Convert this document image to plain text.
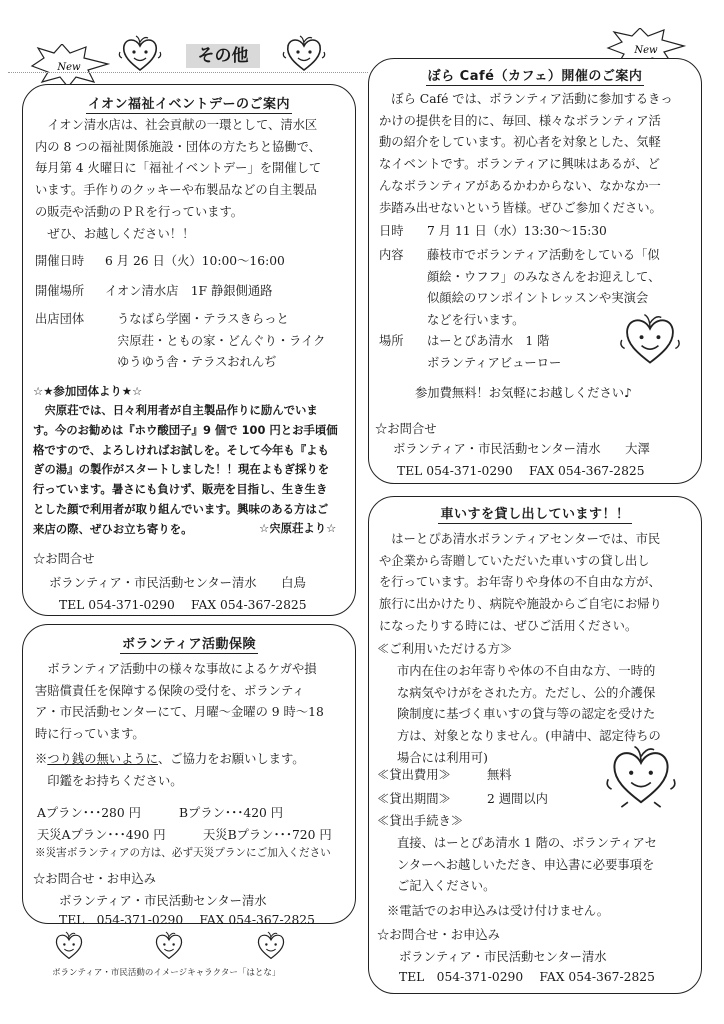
New
その他	New
イオン福祉イベントデーのご案内
　イオン清水店は、社会貢献の一環として、清水区
内の 8 つの福祉関係施設・団体の方たちと協働で、
毎月第 4 火曜日に「福祉イベントデー」を開催して
います。手作りのクッキーや布製品などの自主製品
の販売や活動のＰＲを行っています。
　ぜひ、お越しください！！
開催日時 6 月 26 日（火）10:00〜16:00
開催場所 イオン清水店　1F 静銀側通路
出店団体	うなばら学園・テラスきらっと
宍原荘・ともの家・どんぐり・ライク
ゆうゆう舎・テラスおれんぢ
☆★参加団体より★☆
　宍原荘では、日々利用者が自主製品作りに励んでいま
す。今のお勧めは『ホウ酸団子』9 個で 100 円とお手頃価
格ですので、よろしければお試しを。そして今年も『よも
ぎの湯』の製作がスタートしました！！現在よもぎ採りを
行っています。暑さにも負けず、販売を目指し、生き生き
とした顔で利用者が取り組んでいます。興味のある方はご
来店の際、ぜひお立ち寄りを。	☆宍原荘より☆
☆お問合せ
ボランティア・市民活動センター清水　　白鳥
TEL 054-371-0290　 FAX 054-367-2825
ボランティア活動保険
　ボランティア活動中の様々な事故によるケガや損
害賠償責任を保障する保険の受付を、ボランティ
ア・市民活動センターにて、月曜〜金曜の 9 時〜18
時に行っています。
※つり銭の無いように、ご協力をお願いします。
　印鑑をお持ちください。
Aプラン･･･280 円	Bプラン･･･420 円
天災Aプラン･･･490 円	天災Bプラン･･･720 円
※災害ボランティアの方は、必ず天災プランにご加入ください
☆お問合せ・お申込み
ボランティア・市民活動センター清水
TEL　054-371-0290　 FAX 054-367-2825
ボランティア・市民活動のイメージキャラクター「はとな」
ぼら Café（カフェ）開催のご案内
　ぼら Café では、ボランティア活動に参加するきっ
かけの提供を目的に、毎回、様々なボランティア活
動の紹介をしています。初心者を対象とした、気軽
なイベントです。ボランティアに興味はあるが、ど
んなボランティアがあるかわからない、なかなか一
歩踏み出せないという皆様。ぜひご参加ください。
日時 7 月 11 日（水）13:30〜15:30
内容 藤枝市でボランティア活動をしている「似
顔絵・ウフフ」のみなさんをお迎えして、
似顔絵のワンポイントレッスンや実演会
などを行います。
場所 はーとぴあ清水　1 階
ボランティアビューロー
参加費無料！お気軽にお越しください♪
☆お問合せ
ボランティア・市民活動センター清水　　大澤
TEL 054-371-0290　 FAX 054-367-2825
車いすを貸し出しています！！
　はーとぴあ清水ボランティアセンターでは、市民
や企業から寄贈していただいた車いすの貸し出し
を行っています。お年寄りや身体の不自由な方が、
旅行に出かけたり、病院や施設からご自宅にお帰り
になったりする時には、ぜひご活用ください。
≪ご利用いただける方≫
市内在住のお年寄りや体の不自由な方、一時的
な病気やけがをされた方。ただし、公的介護保
険制度に基づく車いすの貸与等の認定を受けた
方は、対象となりません。(申請中、認定待ちの
場合には利用可)
≪貸出費用≫	無料
≪貸出期間≫	2 週間以内
≪貸出手続き≫
直接、はーとぴあ清水 1 階の、ボランティアセ
ンターへお越しいただき、申込書に必要事項を
ご記入ください。
※電話でのお申込みは受け付けません。
☆お問合せ・お申込み
ボランティア・市民活動センター清水
TEL　054-371-0290　 FAX 054-367-2825
